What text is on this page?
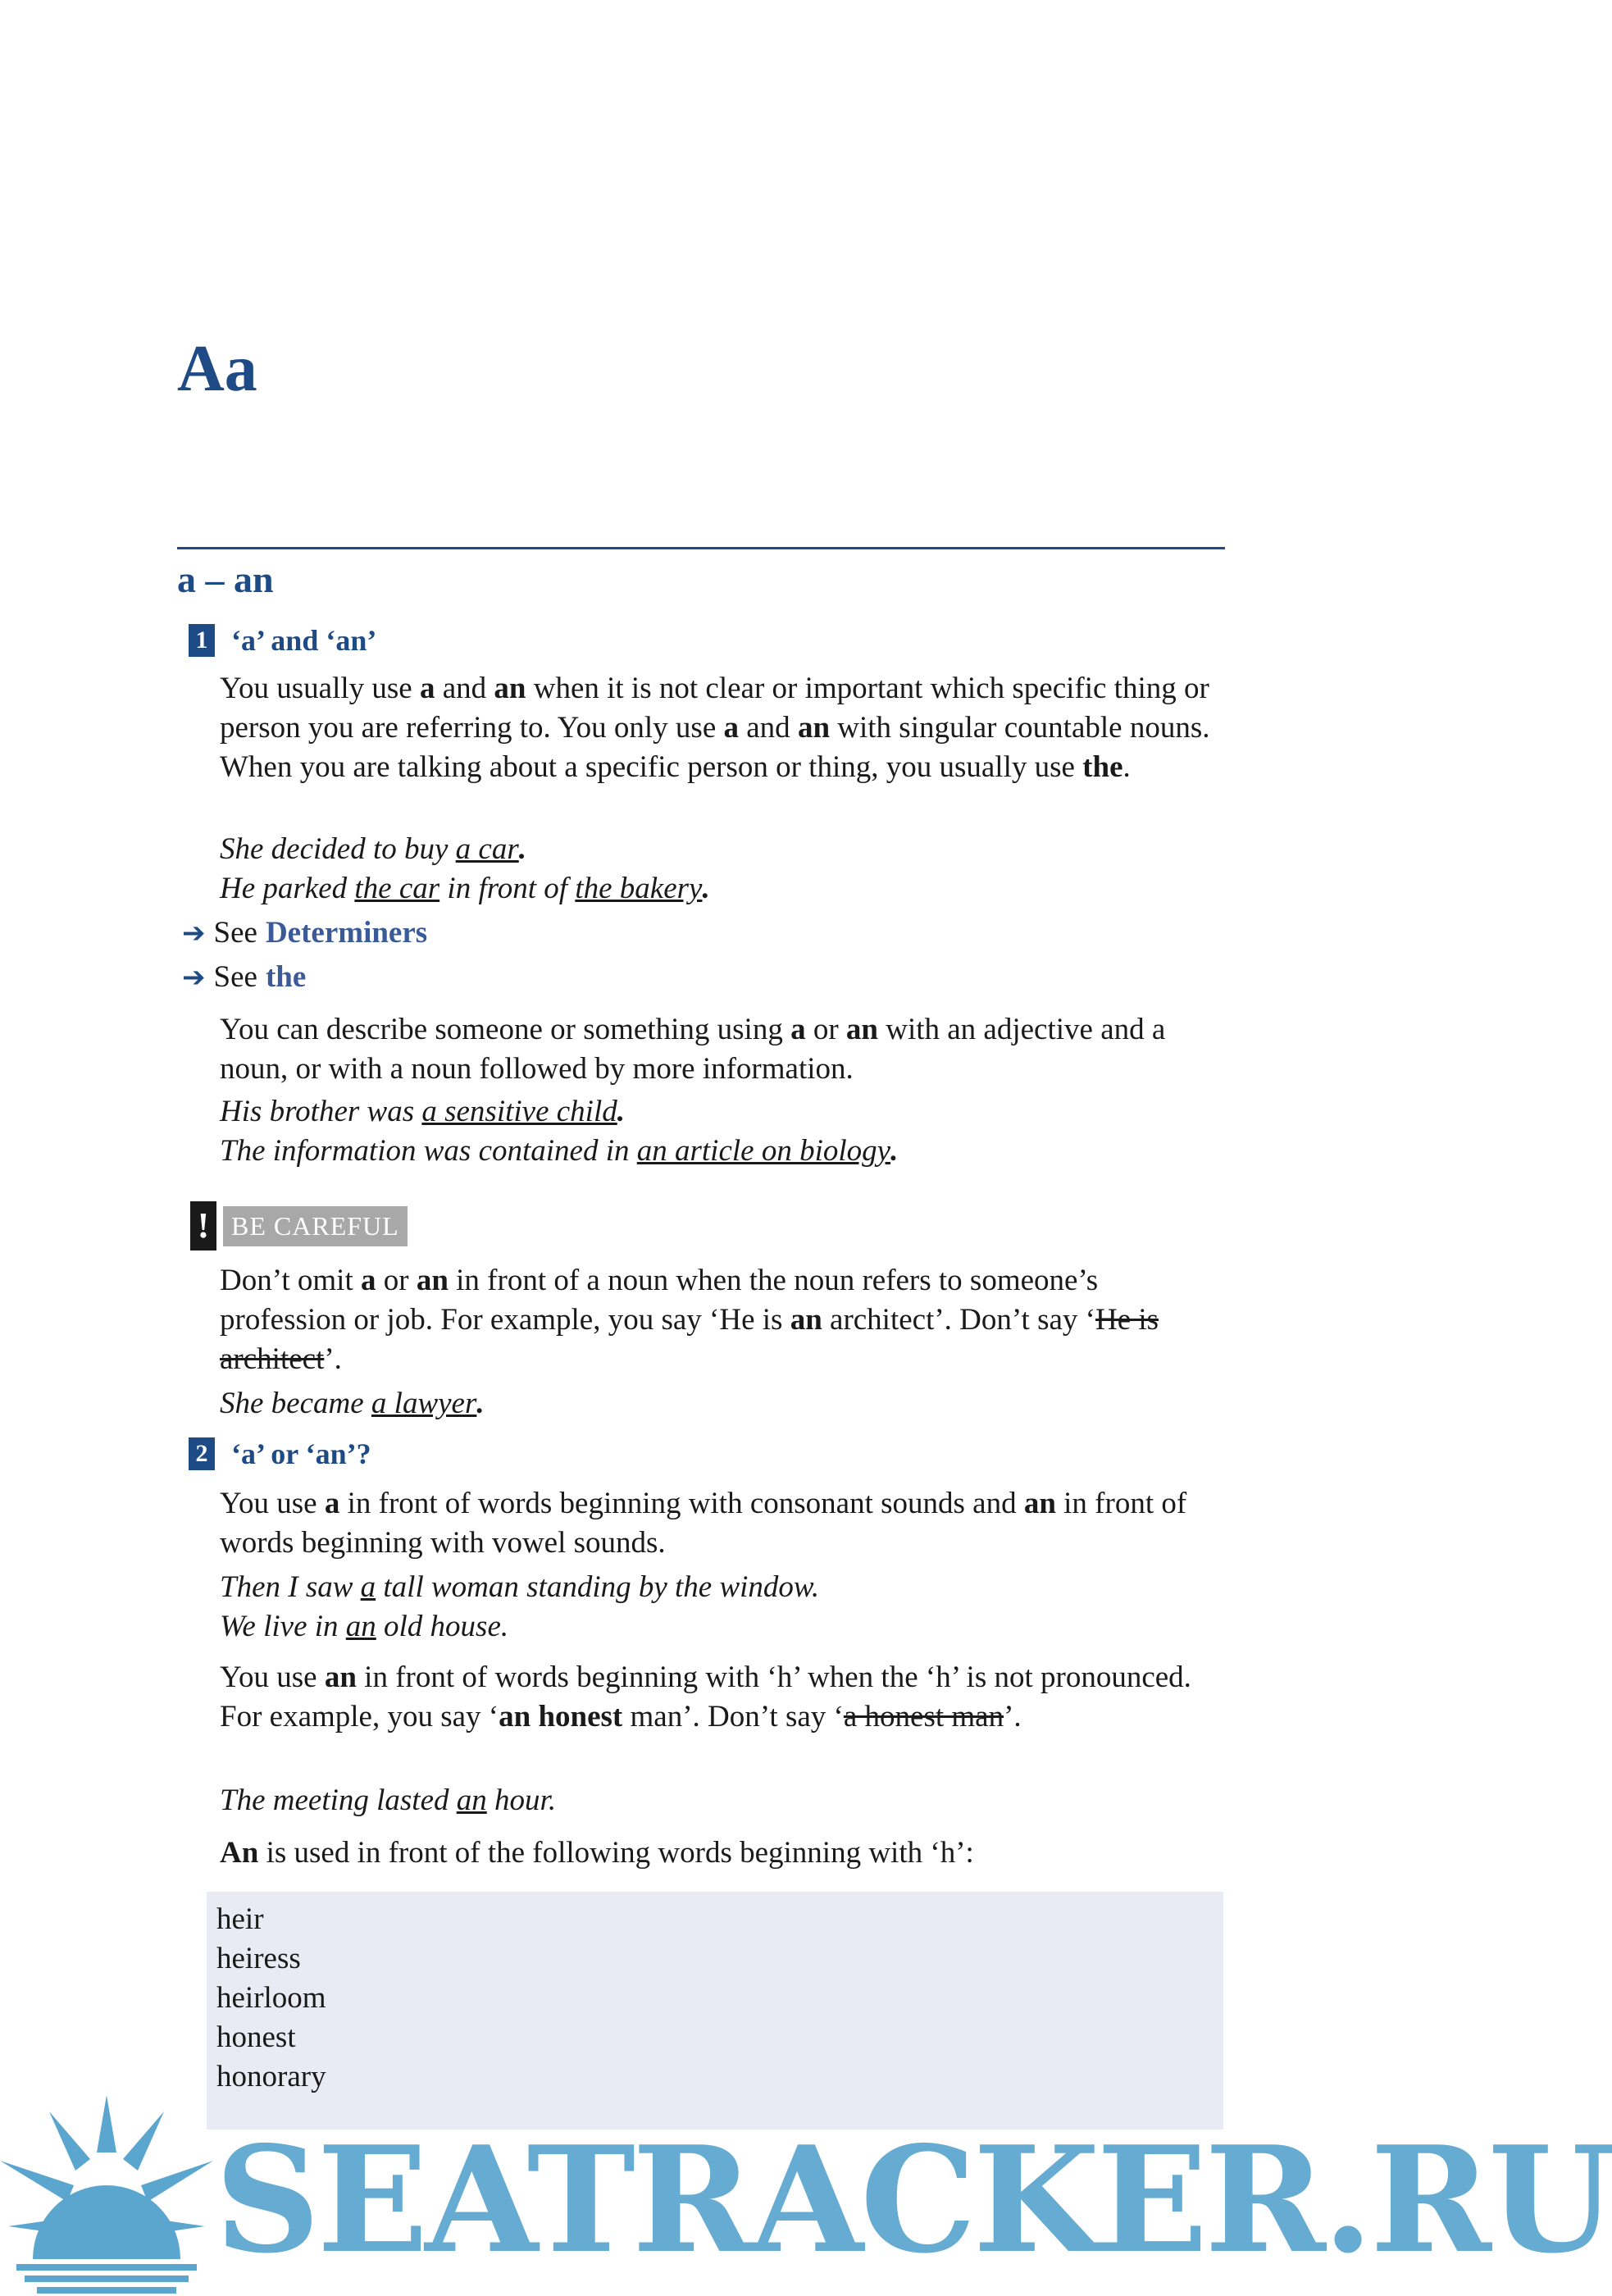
Aa
a – an
1 ‘a’ and ‘an’

You usually use a and an when it is not clear or important which specific thing or person you are referring to. You only use a and an with singular countable nouns. When you are talking about a specific person or thing, you usually use the.

She decided to buy a car.

He parked the car in front of the bakery.

➔ See Determiners
➔ See the

You can describe someone or something using a or an with an adjective and a noun, or with a noun followed by more information.

His brother was a sensitive child.

The information was contained in an article on biology.

! BE CAREFUL

Don’t omit a or an in front of a noun when the noun refers to someone’s profession or job. For example, you say ‘He is an architect’. Don’t say ‘He is architect’.

She became a lawyer.

2 ‘a’ or ‘an’?

You use a in front of words beginning with consonant sounds and an in front of words beginning with vowel sounds.

Then I saw a tall woman standing by the window.

We live in an old house.

You use an in front of words beginning with ‘h’ when the ‘h’ is not pronounced. For example, you say ‘an honest man’. Don’t say ‘a honest man’.

The meeting lasted an hour.

An is used in front of the following words beginning with ‘h’:

heir
heiress
heirloom
honest
honorary
SEATRACKER.RU
